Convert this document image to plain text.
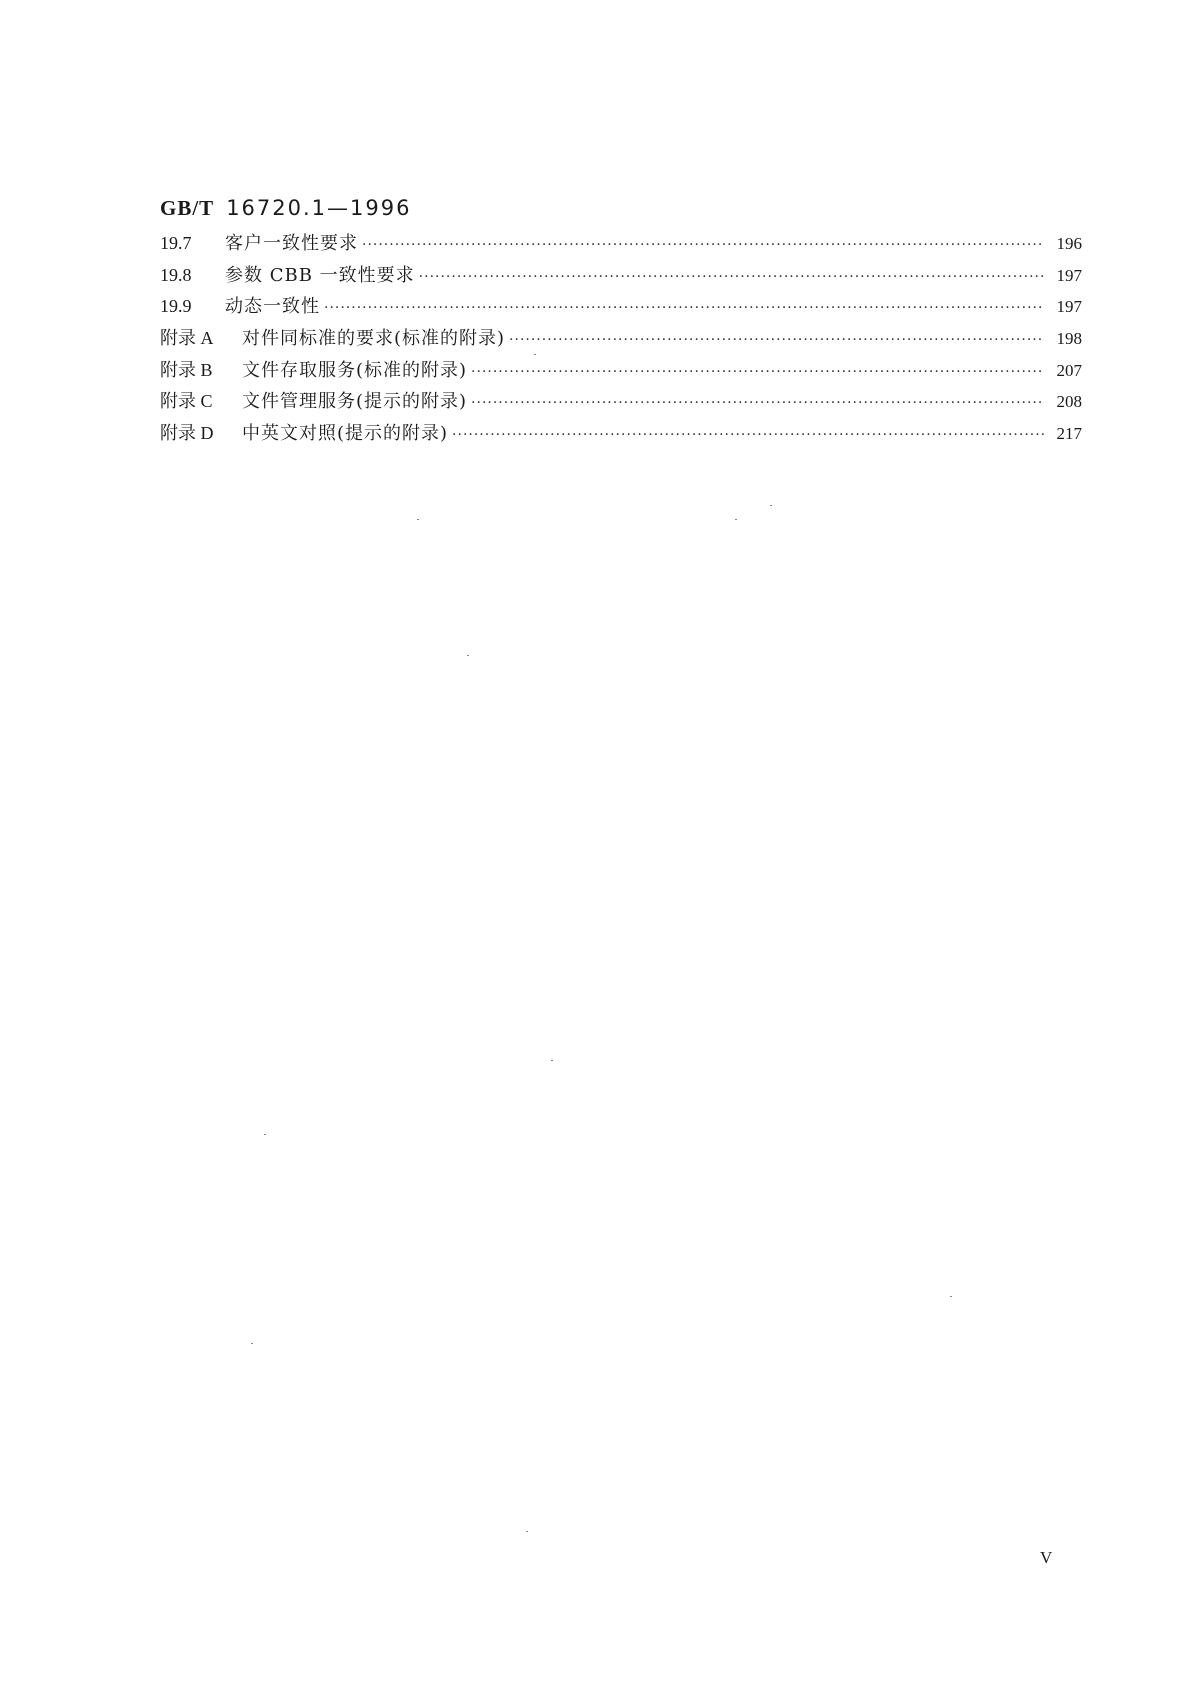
GB/T 16720.1—1996
19.7	客户一致性要求 ·····	196
19.8	参数 CBB 一致性要求 ·····	197
19.9	动态一致性 ·····	197
附录 A	对件同标准的要求(标准的附录) ·····	198
附录 B	文件存取服务(标准的附录) ·····	207
附录 C	文件管理服务(提示的附录) ·····	208
附录 D	中英文对照(提示的附录) ·····	217
V
